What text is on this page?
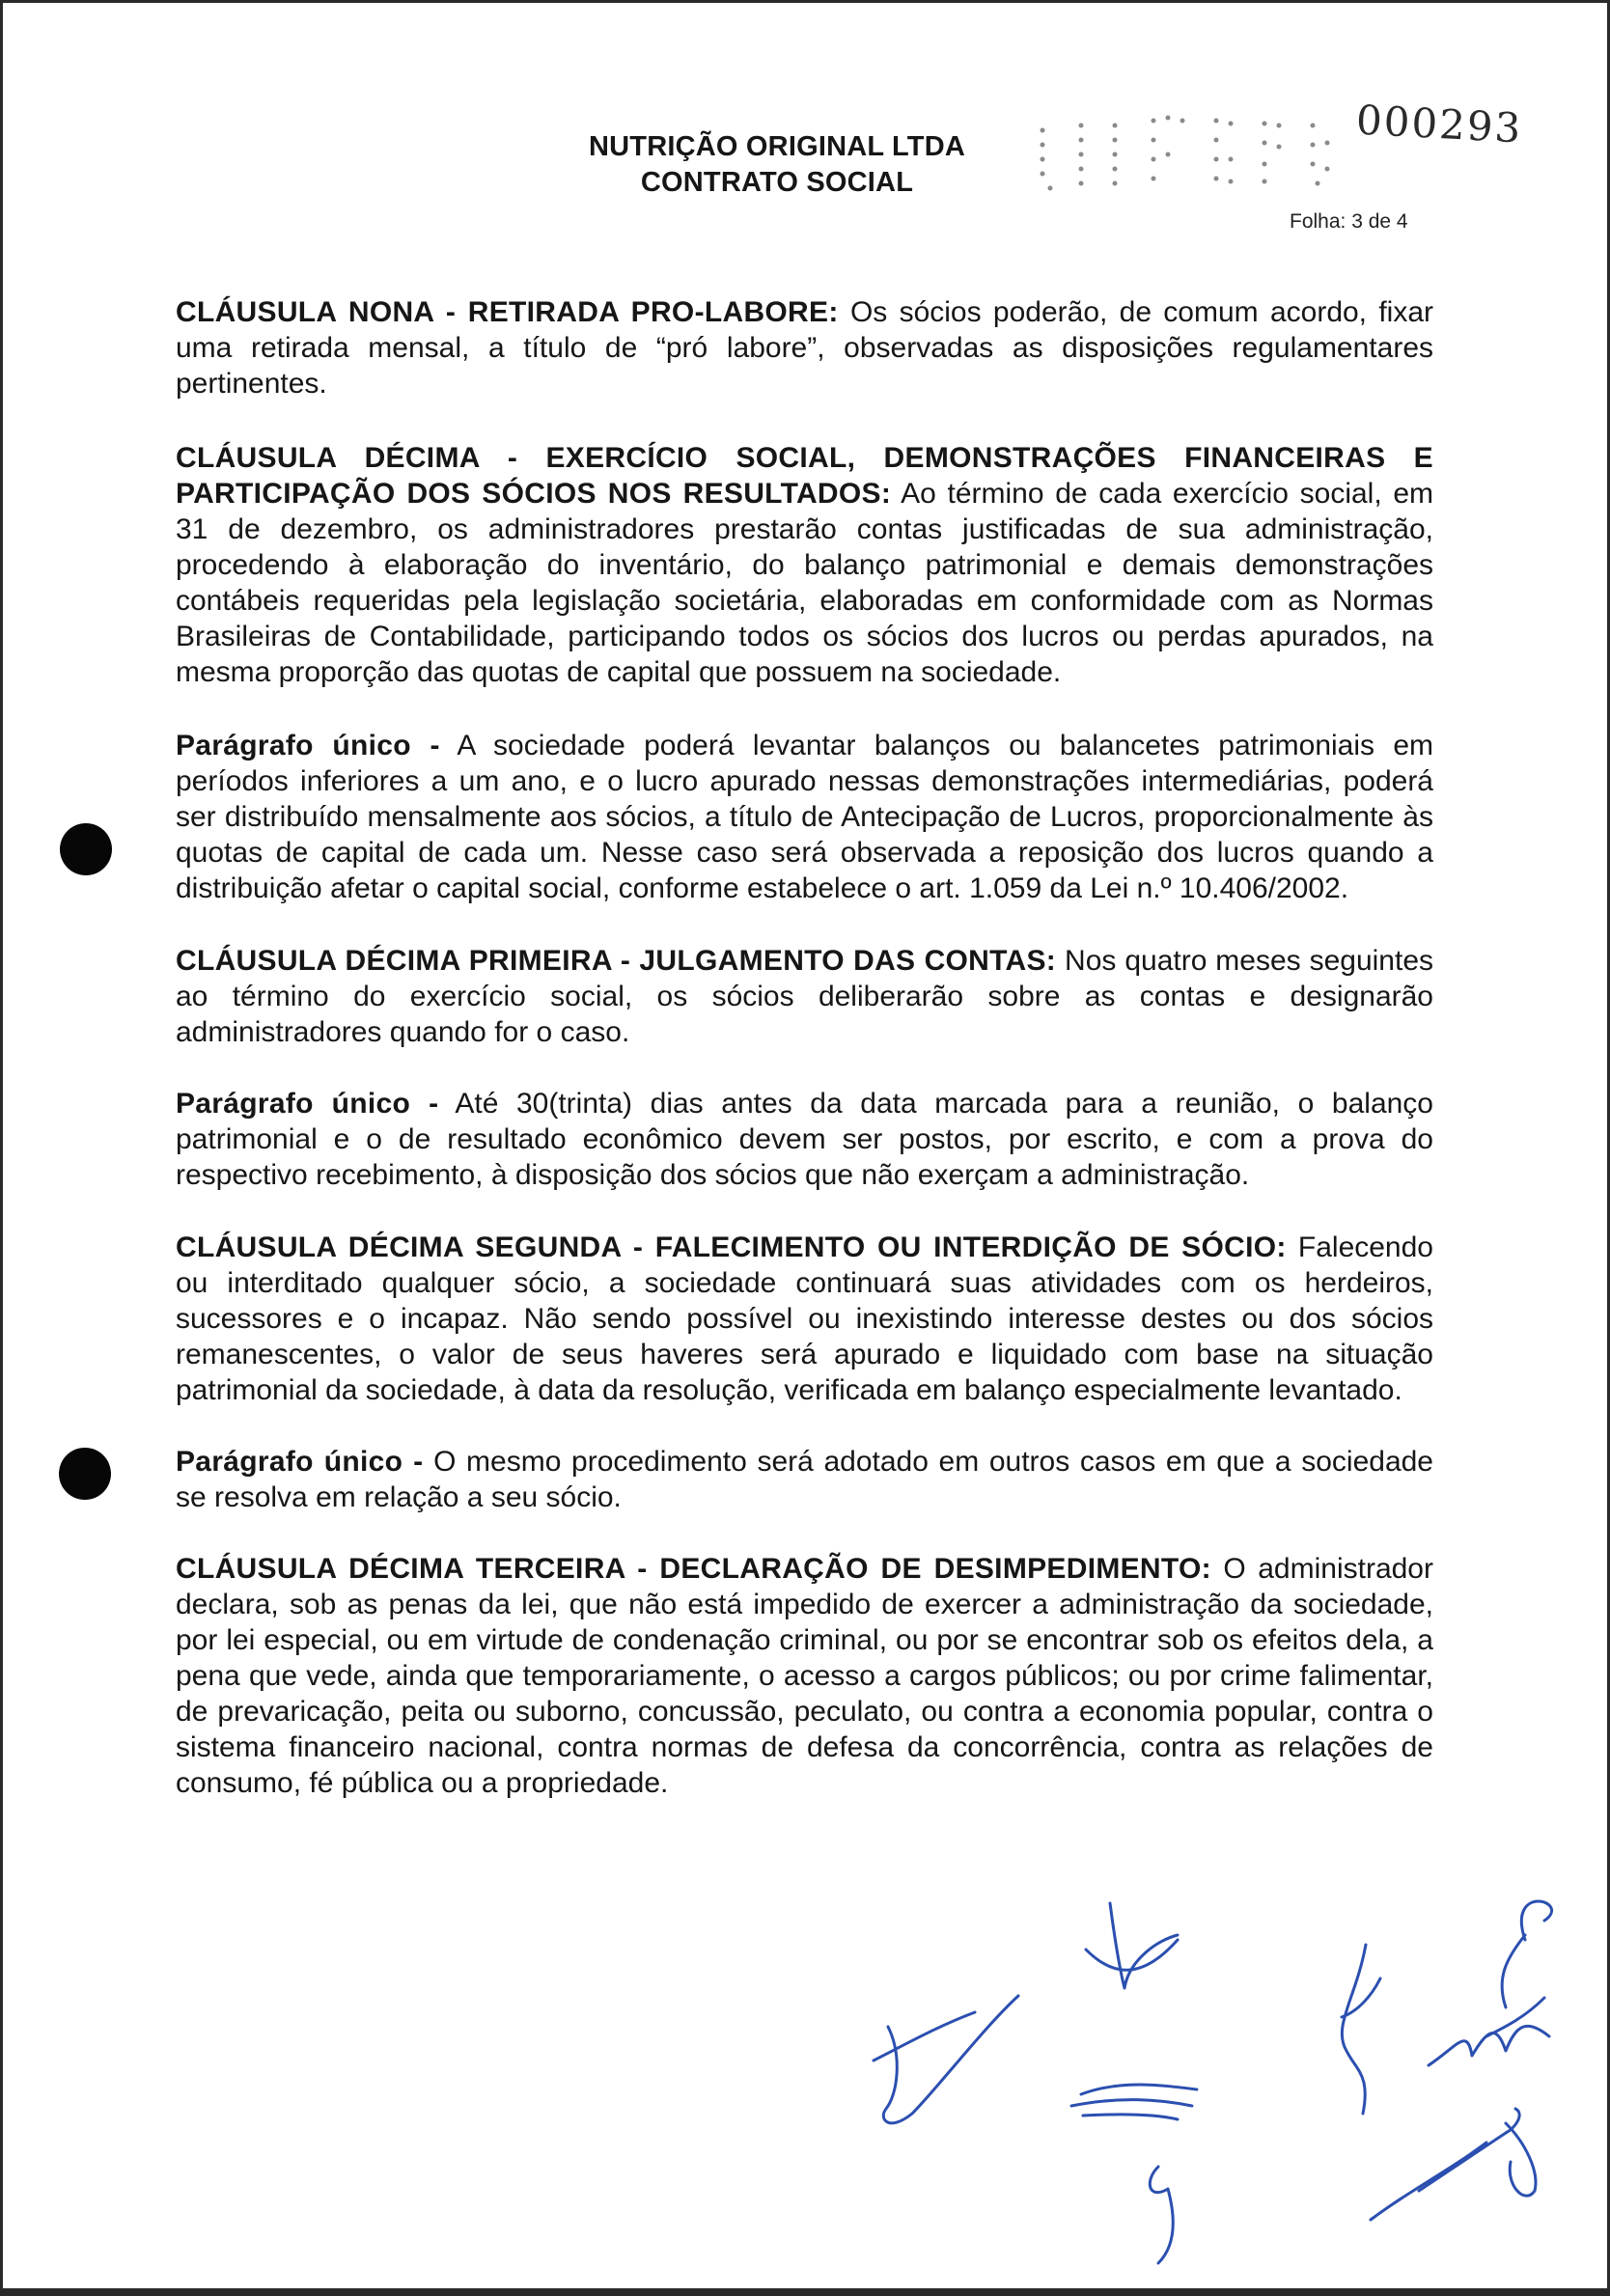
NUTRIÇÃO ORIGINAL LTDA
CONTRATO SOCIAL
000293
Folha: 3 de 4

CLÁUSULA NONA - RETIRADA PRO-LABORE: Os sócios poderão, de comum acordo, fixar uma retirada mensal, a título de “pró labore”, observadas as disposições regulamentares pertinentes.

CLÁUSULA DÉCIMA - EXERCÍCIO SOCIAL, DEMONSTRAÇÕES FINANCEIRAS E PARTICIPAÇÃO DOS SÓCIOS NOS RESULTADOS: Ao término de cada exercício social, em 31 de dezembro, os administradores prestarão contas justificadas de sua administração, procedendo à elaboração do inventário, do balanço patrimonial e demais demonstrações contábeis requeridas pela legislação societária, elaboradas em conformidade com as Normas Brasileiras de Contabilidade, participando todos os sócios dos lucros ou perdas apurados, na mesma proporção das quotas de capital que possuem na sociedade.

Parágrafo único - A sociedade poderá levantar balanços ou balancetes patrimoniais em períodos inferiores a um ano, e o lucro apurado nessas demonstrações intermediárias, poderá ser distribuído mensalmente aos sócios, a título de Antecipação de Lucros, proporcionalmente às quotas de capital de cada um. Nesse caso será observada a reposição dos lucros quando a distribuição afetar o capital social, conforme estabelece o art. 1.059 da Lei n.º 10.406/2002.

CLÁUSULA DÉCIMA PRIMEIRA - JULGAMENTO DAS CONTAS: Nos quatro meses seguintes ao término do exercício social, os sócios deliberarão sobre as contas e designarão administradores quando for o caso.

Parágrafo único - Até 30(trinta) dias antes da data marcada para a reunião, o balanço patrimonial e o de resultado econômico devem ser postos, por escrito, e com a prova do respectivo recebimento, à disposição dos sócios que não exerçam a administração.

CLÁUSULA DÉCIMA SEGUNDA - FALECIMENTO OU INTERDIÇÃO DE SÓCIO: Falecendo ou interditado qualquer sócio, a sociedade continuará suas atividades com os herdeiros, sucessores e o incapaz. Não sendo possível ou inexistindo interesse destes ou dos sócios remanescentes, o valor de seus haveres será apurado e liquidado com base na situação patrimonial da sociedade, à data da resolução, verificada em balanço especialmente levantado.

Parágrafo único - O mesmo procedimento será adotado em outros casos em que a sociedade se resolva em relação a seu sócio.

CLÁUSULA DÉCIMA TERCEIRA - DECLARAÇÃO DE DESIMPEDIMENTO: O administrador declara, sob as penas da lei, que não está impedido de exercer a administração da sociedade, por lei especial, ou em virtude de condenação criminal, ou por se encontrar sob os efeitos dela, a pena que vede, ainda que temporariamente, o acesso a cargos públicos; ou por crime falimentar, de prevaricação, peita ou suborno, concussão, peculato, ou contra a economia popular, contra o sistema financeiro nacional, contra normas de defesa da concorrência, contra as relações de consumo, fé pública ou a propriedade.
